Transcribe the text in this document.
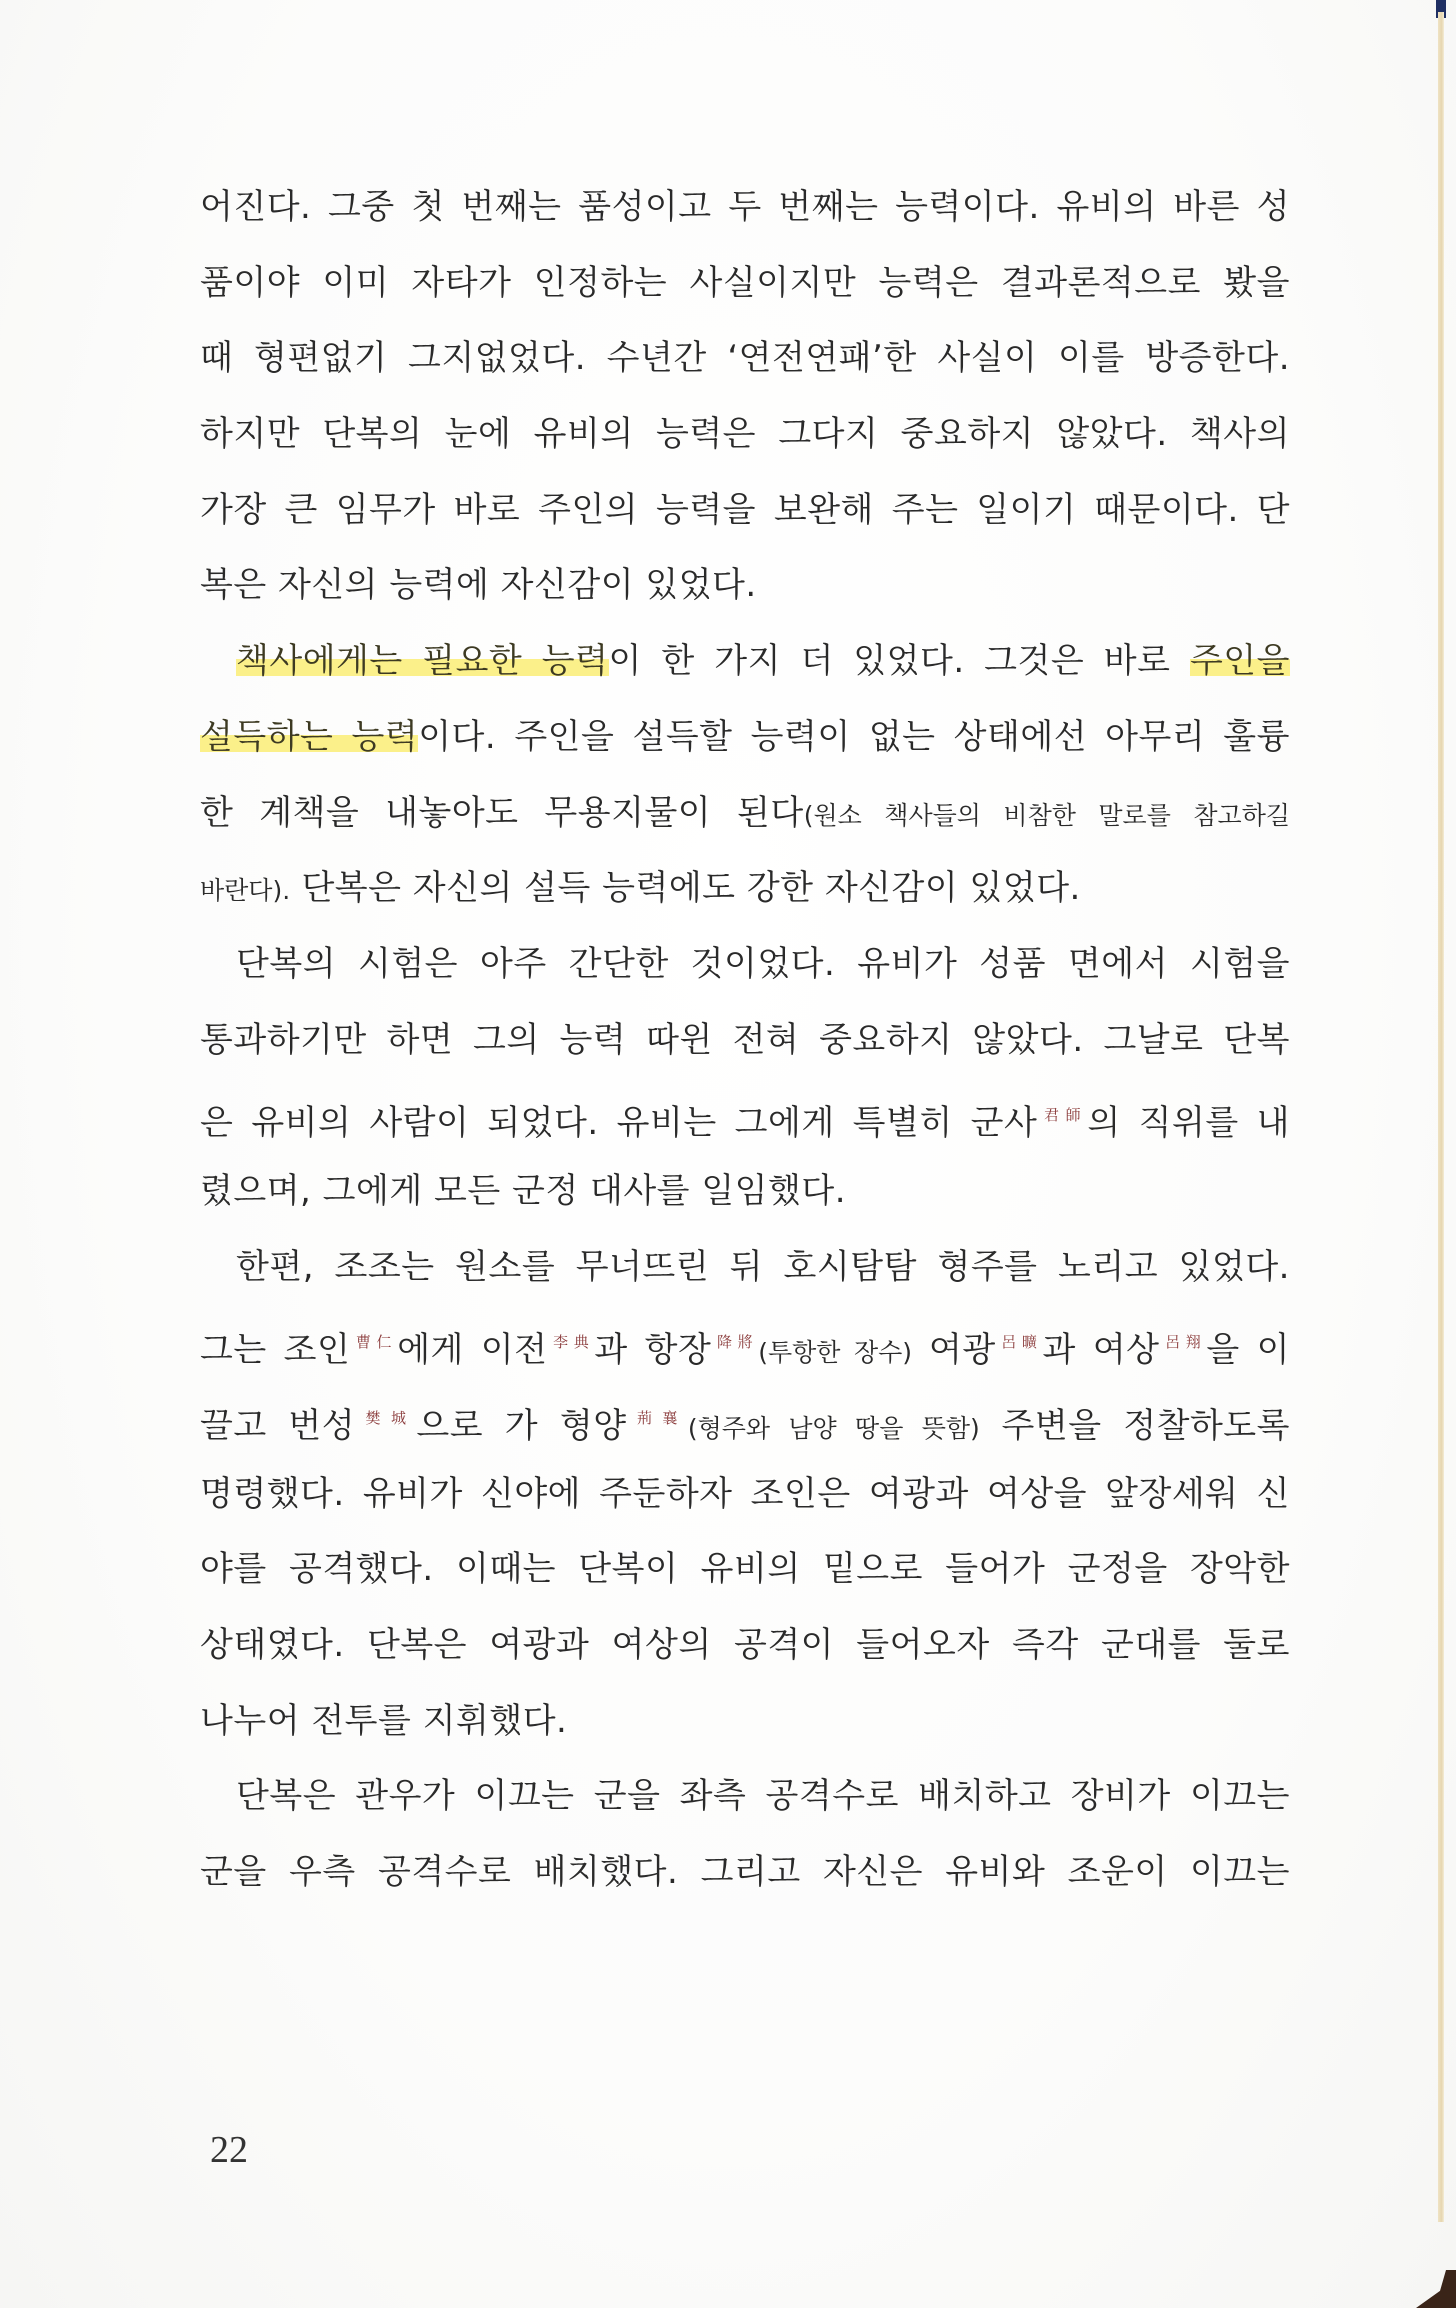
어진다. 그중 첫 번째는 품성이고 두 번째는 능력이다. 유비의 바른 성
품이야 이미 자타가 인정하는 사실이지만 능력은 결과론적으로 봤을
때 형편없기 그지없었다. 수년간 ‘연전연패’한 사실이 이를 방증한다.
하지만 단복의 눈에 유비의 능력은 그다지 중요하지 않았다. 책사의
가장 큰 임무가 바로 주인의 능력을 보완해 주는 일이기 때문이다. 단
복은 자신의 능력에 자신감이 있었다.
책사에게는 필요한 능력이 한 가지 더 있었다. 그것은 바로 주인을
설득하는 능력이다. 주인을 설득할 능력이 없는 상태에선 아무리 훌륭
한 계책을 내놓아도 무용지물이 된다(원소 책사들의 비참한 말로를 참고하길
바란다). 단복은 자신의 설득 능력에도 강한 자신감이 있었다.
단복의 시험은 아주 간단한 것이었다. 유비가 성품 면에서 시험을
통과하기만 하면 그의 능력 따윈 전혀 중요하지 않았다. 그날로 단복
은 유비의 사람이 되었다. 유비는 그에게 특별히 군사$^{君師}$의 직위를 내
렸으며, 그에게 모든 군정 대사를 일임했다.
한편, 조조는 원소를 무너뜨린 뒤 호시탐탐 형주를 노리고 있었다.
그는 조인$^{曹仁}$에게 이전$^{李典}$과 항장$^{降將}$(투항한 장수) 여광$^{呂曠}$과 여상$^{呂翔}$을 이
끌고 번성$^{樊城}$으로 가 형양$^{荊襄}$(형주와 남양 땅을 뜻함) 주변을 정찰하도록
명령했다. 유비가 신야에 주둔하자 조인은 여광과 여상을 앞장세워 신
야를 공격했다. 이때는 단복이 유비의 밑으로 들어가 군정을 장악한
상태였다. 단복은 여광과 여상의 공격이 들어오자 즉각 군대를 둘로
나누어 전투를 지휘했다.
단복은 관우가 이끄는 군을 좌측 공격수로 배치하고 장비가 이끄는
군을 우측 공격수로 배치했다. 그리고 자신은 유비와 조운이 이끄는
22
